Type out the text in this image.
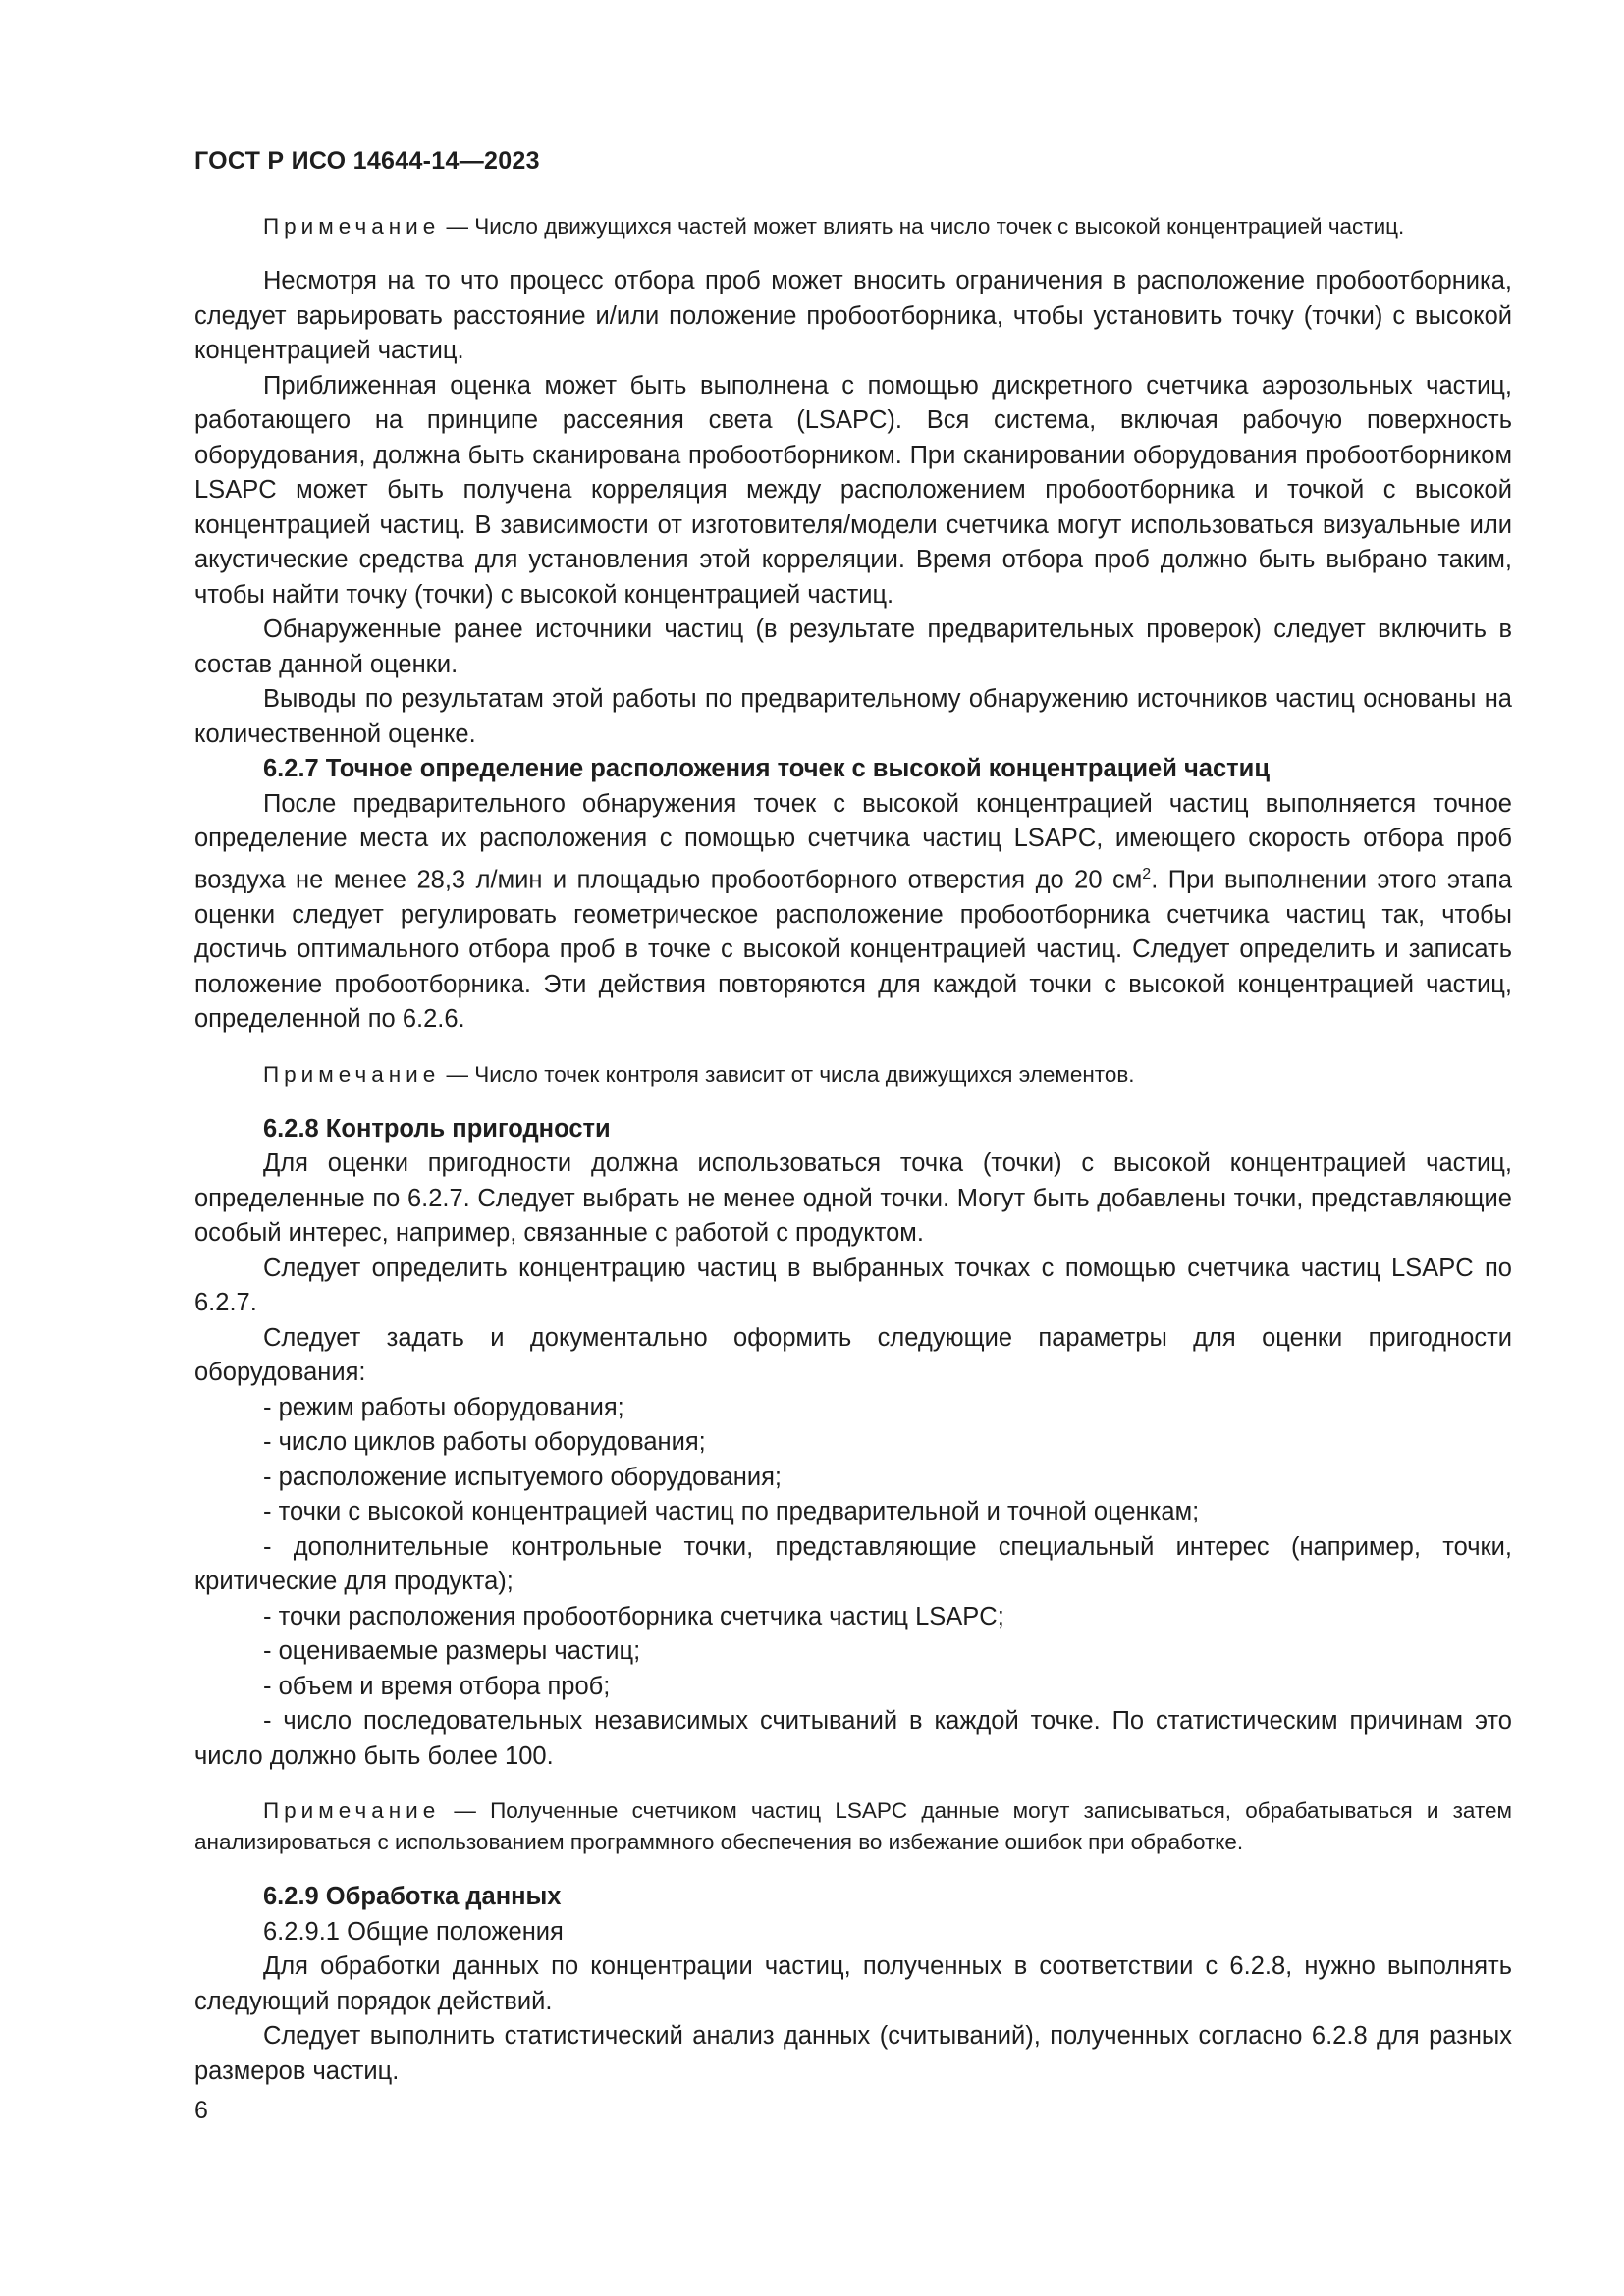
ГОСТ Р ИСО 14644-14—2023

Примечание — Число движущихся частей может влиять на число точек с высокой концентрацией частиц.

Несмотря на то что процесс отбора проб может вносить ограничения в расположение пробоотборника, следует варьировать расстояние и/или положение пробоотборника, чтобы установить точку (точки) с высокой концентрацией частиц.

Приближенная оценка может быть выполнена с помощью дискретного счетчика аэрозольных частиц, работающего на принципе рассеяния света (LSAPC). Вся система, включая рабочую поверхность оборудования, должна быть сканирована пробоотборником. При сканировании оборудования пробоотборником LSAPC может быть получена корреляция между расположением пробоотборника и точкой с высокой концентрацией частиц. В зависимости от изготовителя/модели счетчика могут использоваться визуальные или акустические средства для установления этой корреляции. Время отбора проб должно быть выбрано таким, чтобы найти точку (точки) с высокой концентрацией частиц.

Обнаруженные ранее источники частиц (в результате предварительных проверок) следует включить в состав данной оценки.

Выводы по результатам этой работы по предварительному обнаружению источников частиц основаны на количественной оценке.

6.2.7 Точное определение расположения точек с высокой концентрацией частиц

После предварительного обнаружения точек с высокой концентрацией частиц выполняется точное определение места их расположения с помощью счетчика частиц LSAPC, имеющего скорость отбора проб воздуха не менее 28,3 л/мин и площадью пробоотборного отверстия до 20 $см^2$. При выполнении этого этапа оценки следует регулировать геометрическое расположение пробоотборника счетчика частиц так, чтобы достичь оптимального отбора проб в точке с высокой концентрацией частиц. Следует определить и записать положение пробоотборника. Эти действия повторяются для каждой точки с высокой концентрацией частиц, определенной по 6.2.6.

Примечание — Число точек контроля зависит от числа движущихся элементов.

6.2.8 Контроль пригодности

Для оценки пригодности должна использоваться точка (точки) с высокой концентрацией частиц, определенные по 6.2.7. Следует выбрать не менее одной точки. Могут быть добавлены точки, представляющие особый интерес, например, связанные с работой с продуктом.

Следует определить концентрацию частиц в выбранных точках с помощью счетчика частиц LSAPC по 6.2.7.

Следует задать и документально оформить следующие параметры для оценки пригодности оборудования:

- режим работы оборудования;
- число циклов работы оборудования;
- расположение испытуемого оборудования;
- точки с высокой концентрацией частиц по предварительной и точной оценкам;
- дополнительные контрольные точки, представляющие специальный интерес (например, точки, критические для продукта);
- точки расположения пробоотборника счетчика частиц LSAPC;
- оцениваемые размеры частиц;
- объем и время отбора проб;
- число последовательных независимых считываний в каждой точке. По статистическим причинам это число должно быть более 100.

Примечание — Полученные счетчиком частиц LSAPC данные могут записываться, обрабатываться и затем анализироваться с использованием программного обеспечения во избежание ошибок при обработке.

6.2.9 Обработка данных

6.2.9.1 Общие положения

Для обработки данных по концентрации частиц, полученных в соответствии с 6.2.8, нужно выполнять следующий порядок действий.

Следует выполнить статистический анализ данных (считываний), полученных согласно 6.2.8 для разных размеров частиц.

6
